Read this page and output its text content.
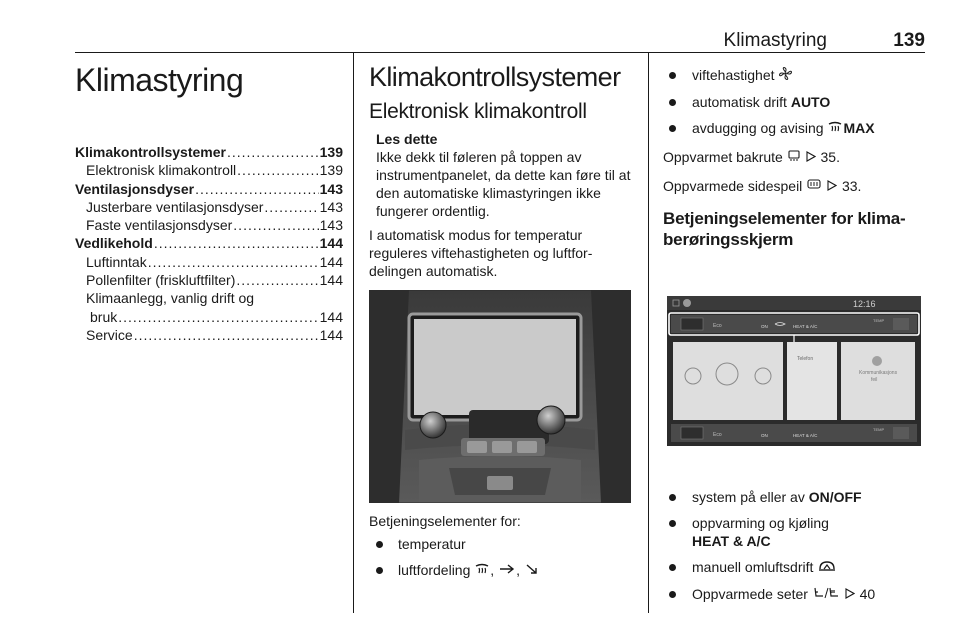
Klimastyring	139
Klimastyring
Klimakontrollsystemer .....	139
Elektronisk klimakontroll .....	139
Ventilasjonsdyser .....	143
Justerbare ventilasjonsdyser .....	143
Faste ventilasjonsdyser .....	143
Vedlikehold .....	144
Luftinntak .....	144
Pollenfilter (friskluftfilter) .....	144
Klimaanlegg, vanlig drift og
bruk .....	144
Service .....	144
Klimakontrollsystemer
Elektronisk klimakontroll
Les dette
Ikke dekk til føleren på toppen av instrumentpanelet, da dette kan føre til at den automatiske klimastyringen ikke fungerer ordentlig.

I automatisk modus for temperatur reguleres viftehastigheten og luftfor-delingen automatisk.

Betjeningselementer for:
temperatur
luftfordeling , ,
viftehastighet
automatisk drift AUTO
avdugging og avising MAX

Oppvarmet bakrute	35.

Oppvarmede sidespeil	33.

Betjeningselementer for klima-berøringsskjerm
12:16
Eco	ON	HEAT & A/C
TEMP
Telefon
Kommunikasjons
feil
Eco	ON	HEAT & A/C
TEMP
system på eller av ON/OFF
oppvarming og kjøling
HEAT & A/C
manuell omluftsdrift
Oppvarmede seter	40
